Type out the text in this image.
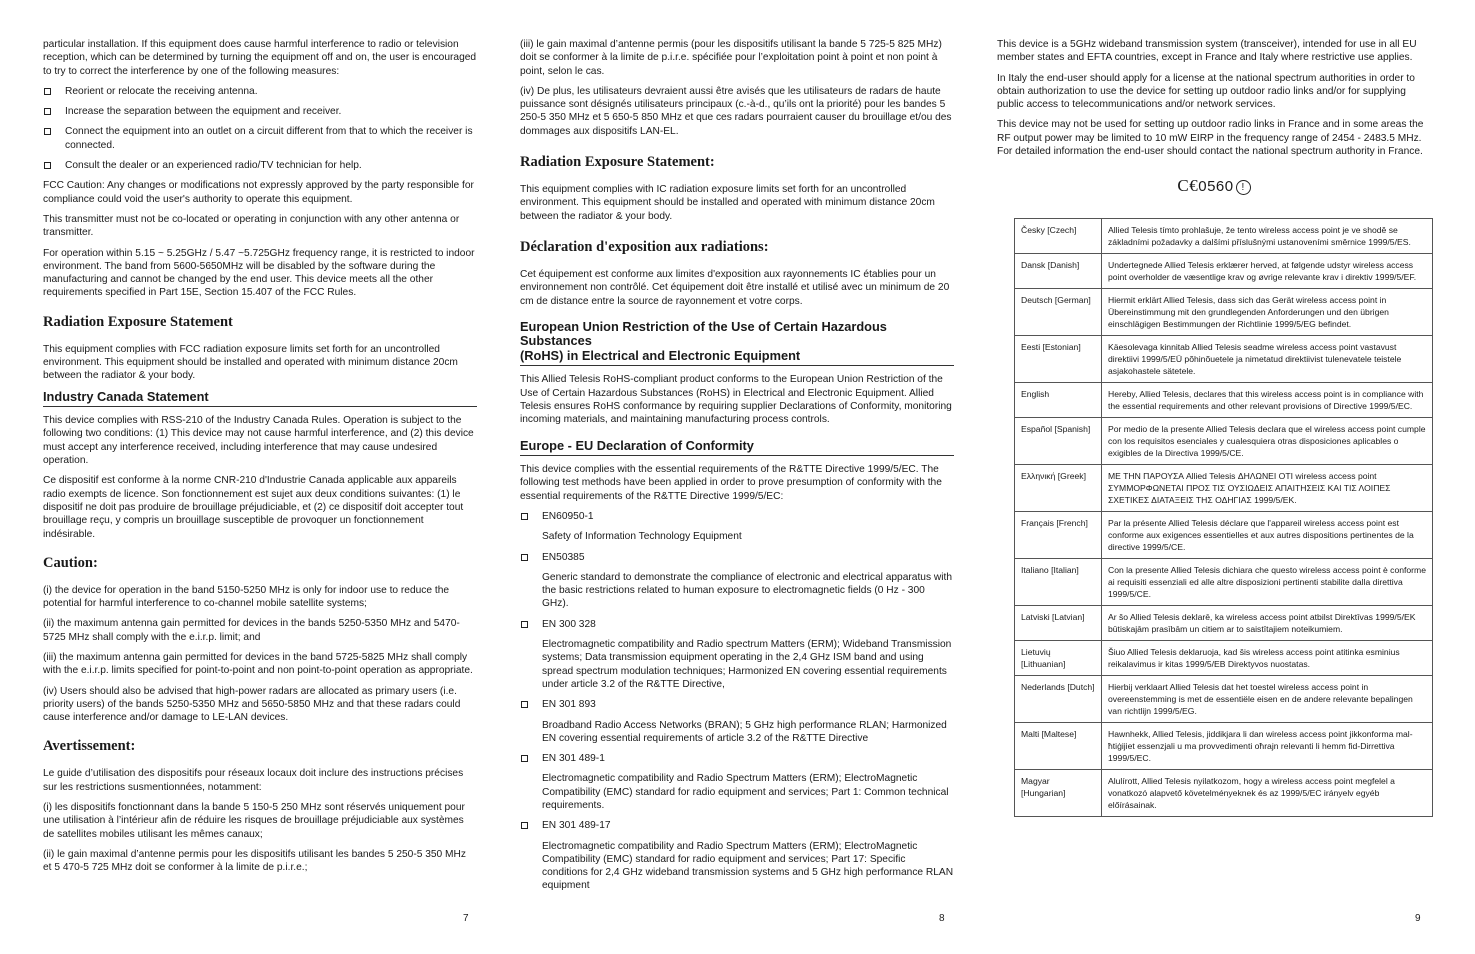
particular installation. If this equipment does cause harmful interference to radio or television reception, which can be determined by turning the equipment off and on, the user is encouraged to try to correct the interference by one of the following measures:

Reorient or relocate the receiving antenna.
Increase the separation between the equipment and receiver.
Connect the equipment into an outlet on a circuit different from that to which the receiver is connected.
Consult the dealer or an experienced radio/TV technician for help.

FCC Caution: Any changes or modifications not expressly approved by the party responsible for compliance could void the user's authority to operate this equipment.

This transmitter must not be co-located or operating in conjunction with any other antenna or transmitter.

For operation within 5.15 ~ 5.25GHz / 5.47 ~5.725GHz frequency range, it is restricted to indoor environment. The band from 5600-5650MHz will be disabled by the software during the manufacturing and cannot be changed by the end user. This device meets all the other requirements specified in Part 15E, Section 15.407 of the FCC Rules.

Radiation Exposure Statement

This equipment complies with FCC radiation exposure limits set forth for an uncontrolled environment. This equipment should be installed and operated with minimum distance 20cm between the radiator & your body.

Industry Canada Statement

This device complies with RSS-210 of the Industry Canada Rules. Operation is subject to the following two conditions: (1) This device may not cause harmful interference, and (2) this device must accept any interference received, including interference that may cause undesired operation.

Ce dispositif est conforme à la norme CNR-210 d'Industrie Canada applicable aux appareils radio exempts de licence. Son fonctionnement est sujet aux deux conditions suivantes: (1) le dispositif ne doit pas produire de brouillage préjudiciable, et (2) ce dispositif doit accepter tout brouillage reçu, y compris un brouillage susceptible de provoquer un fonctionnement indésirable.

Caution:

(i) the device for operation in the band 5150-5250 MHz is only for indoor use to reduce the potential for harmful interference to co-channel mobile satellite systems;

(ii) the maximum antenna gain permitted for devices in the bands 5250-5350 MHz and 5470-5725 MHz shall comply with the e.i.r.p. limit; and

(iii) the maximum antenna gain permitted for devices in the band 5725-5825 MHz shall comply with the e.i.r.p. limits specified for point-to-point and non point-to-point operation as appropriate.

(iv) Users should also be advised that high-power radars are allocated as primary users (i.e. priority users) of the bands 5250-5350 MHz and 5650-5850 MHz and that these radars could cause interference and/or damage to LE-LAN devices.

Avertissement:

Le guide d’utilisation des dispositifs pour réseaux locaux doit inclure des instructions précises sur les restrictions susmentionnées, notamment:

(i) les dispositifs fonctionnant dans la bande 5 150-5 250 MHz sont réservés uniquement pour une utilisation à l’intérieur afin de réduire les risques de brouillage préjudiciable aux systèmes de satellites mobiles utilisant les mêmes canaux;

(ii) le gain maximal d’antenne permis pour les dispositifs utilisant les bandes 5 250-5 350 MHz et 5 470-5 725 MHz doit se conformer à la limite de p.i.r.e.;

7

(iii) le gain maximal d’antenne permis (pour les dispositifs utilisant la bande 5 725-5 825 MHz) doit se conformer à la limite de p.i.r.e. spécifiée pour l’exploitation point à point et non point à point, selon le cas.

(iv) De plus, les utilisateurs devraient aussi être avisés que les utilisateurs de radars de haute puissance sont désignés utilisateurs principaux (c.-à-d., qu’ils ont la priorité) pour les bandes 5 250-5 350 MHz et 5 650-5 850 MHz et que ces radars pourraient causer du brouillage et/ou des dommages aux dispositifs LAN-EL.

Radiation Exposure Statement:

This equipment complies with IC radiation exposure limits set forth for an uncontrolled environment. This equipment should be installed and operated with minimum distance 20cm between the radiator & your body.

Déclaration d'exposition aux radiations:

Cet équipement est conforme aux limites d'exposition aux rayonnements IC établies pour un environnement non contrôlé. Cet équipement doit être installé et utilisé avec un minimum de 20 cm de distance entre la source de rayonnement et votre corps.

European Union Restriction of the Use of Certain Hazardous Substances
(RoHS) in Electrical and Electronic Equipment

This Allied Telesis RoHS-compliant product conforms to the European Union Restriction of the Use of Certain Hazardous Substances (RoHS) in Electrical and Electronic Equipment. Allied Telesis ensures RoHS conformance by requiring supplier Declarations of Conformity, monitoring incoming materials, and maintaining manufacturing process controls.

Europe - EU Declaration of Conformity

This device complies with the essential requirements of the R&TTE Directive 1999/5/EC. The following test methods have been applied in order to prove presumption of conformity with the essential requirements of the R&TTE Directive 1999/5/EC:

EN60950-1
Safety of Information Technology Equipment
EN50385
Generic standard to demonstrate the compliance of electronic and electrical apparatus with the basic restrictions related to human exposure to electromagnetic fields (0 Hz - 300 GHz).
EN 300 328
Electromagnetic compatibility and Radio spectrum Matters (ERM); Wideband Transmission systems; Data transmission equipment operating in the 2,4 GHz ISM band and using spread spectrum modulation techniques; Harmonized EN covering essential requirements under article 3.2 of the R&TTE Directive,
EN 301 893
Broadband Radio Access Networks (BRAN); 5 GHz high performance RLAN; Harmonized EN covering essential requirements of article 3.2 of the R&TTE Directive
EN 301 489-1
Electromagnetic compatibility and Radio Spectrum Matters (ERM); ElectroMagnetic Compatibility (EMC) standard for radio equipment and services; Part 1: Common technical requirements.
EN 301 489-17
Electromagnetic compatibility and Radio Spectrum Matters (ERM); ElectroMagnetic Compatibility (EMC) standard for radio equipment and services; Part 17: Specific conditions for 2,4 GHz wideband transmission systems and 5 GHz high performance RLAN equipment
8

This device is a 5GHz wideband transmission system (transceiver), intended for use in all EU member states and EFTA countries, except in France and Italy where restrictive use applies.

In Italy the end-user should apply for a license at the national spectrum authorities in order to obtain authorization to use the device for setting up outdoor radio links and/or for supplying public access to telecommunications and/or network services.

This device may not be used for setting up outdoor radio links in France and in some areas the RF output power may be limited to 10 mW EIRP in the frequency range of 2454 - 2483.5 MHz. For detailed information the end-user should contact the national spectrum authority in France.

C€0560 !
Česky [Czech]	Allied Telesis tímto prohlašuje, že tento wireless access point je ve shodě se základními požadavky a dalšími příslušnými ustanoveními směrnice 1999/5/ES.
Dansk [Danish]	Undertegnede Allied Telesis erklærer herved, at følgende udstyr wireless access point overholder de væsentlige krav og øvrige relevante krav i direktiv 1999/5/EF.
Deutsch [German]	Hiermit erklärt Allied Telesis, dass sich das Gerät wireless access point in Übereinstimmung mit den grundlegenden Anforderungen und den übrigen einschlägigen Bestimmungen der Richtlinie 1999/5/EG befindet.
Eesti [Estonian]	Käesolevaga kinnitab Allied Telesis seadme wireless access point vastavust direktiivi 1999/5/EÜ põhinõuetele ja nimetatud direktiivist tulenevatele teistele asjakohastele sätetele.
English	Hereby, Allied Telesis, declares that this wireless access point is in compliance with the essential requirements and other relevant provisions of Directive 1999/5/EC.
Español [Spanish]	Por medio de la presente Allied Telesis declara que el wireless access point cumple con los requisitos esenciales y cualesquiera otras disposiciones aplicables o exigibles de la Directiva 1999/5/CE.
Ελληνική [Greek]	ΜΕ ΤΗΝ ΠΑΡΟΥΣΑ Allied Telesis ΔΗΛΩΝΕΙ ΟΤΙ wireless access point ΣΥΜΜΟΡΦΩΝΕΤΑΙ ΠΡΟΣ ΤΙΣ ΟΥΣΙΩΔΕΙΣ ΑΠΑΙΤΗΣΕΙΣ ΚΑΙ ΤΙΣ ΛΟΙΠΕΣ ΣΧΕΤΙΚΕΣ ΔΙΑΤΑΞΕΙΣ ΤΗΣ ΟΔΗΓΙΑΣ 1999/5/ΕΚ.
Français [French]	Par la présente Allied Telesis déclare que l'appareil wireless access point est conforme aux exigences essentielles et aux autres dispositions pertinentes de la directive 1999/5/CE.
Italiano [Italian]	Con la presente Allied Telesis dichiara che questo wireless access point è conforme ai requisiti essenziali ed alle altre disposizioni pertinenti stabilite dalla direttiva 1999/5/CE.
Latviski [Latvian]	Ar šo Allied Telesis deklarē, ka wireless access point atbilst Direktīvas 1999/5/EK būtiskajām prasībām un citiem ar to saistītajiem noteikumiem.
Lietuvių [Lithuanian]	Šiuo Allied Telesis deklaruoja, kad šis wireless access point atitinka esminius reikalavimus ir kitas 1999/5/EB Direktyvos nuostatas.
Nederlands [Dutch]	Hierbij verklaart Allied Telesis dat het toestel wireless access point in overeenstemming is met de essentiële eisen en de andere relevante bepalingen van richtlijn 1999/5/EG.
Malti [Maltese]	Hawnhekk, Allied Telesis, jiddikjara li dan wireless access point jikkonforma mal-ħtiġijiet essenzjali u ma provvedimenti oħrajn relevanti li hemm fid-Dirrettiva 1999/5/EC.
Magyar [Hungarian]	Alulírott, Allied Telesis nyilatkozom, hogy a wireless access point megfelel a vonatkozó alapvető követelményeknek és az 1999/5/EC irányelv egyéb előírásainak.
9
